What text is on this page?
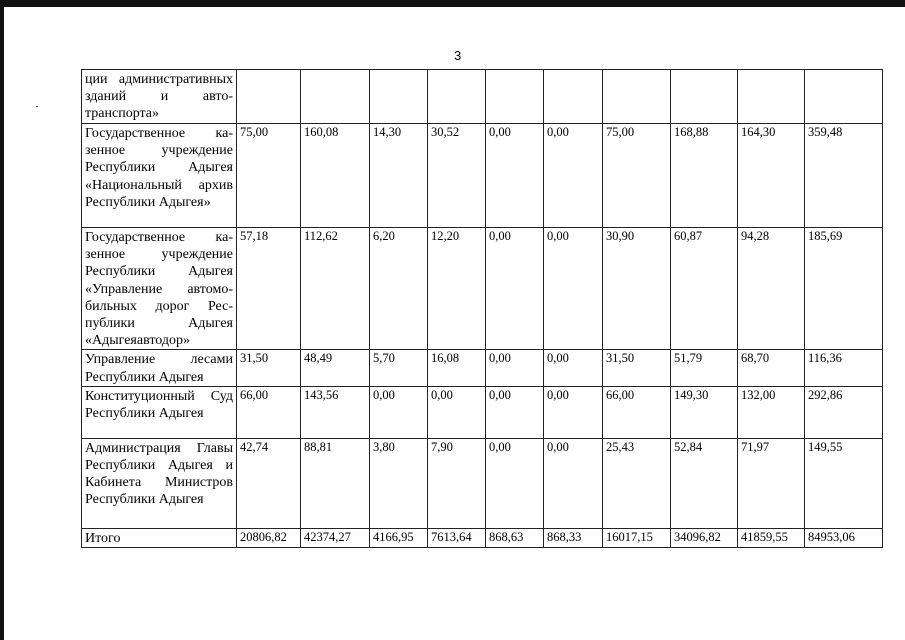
3
ции административных зданий и автотранспорта»										
Государственное казенное учреждение Республики Адыгея «Национальный архив Республики Адыгея»	75,00	160,08	14,30	30,52	0,00	0,00	75,00	168,88	164,30	359,48
Государственное казенное учреждение Республики Адыгея «Управление автомобильных дорог Республики Адыгея «Адыгеяавтодор»	57,18	112,62	6,20	12,20	0,00	0,00	30,90	60,87	94,28	185,69
Управление лесами Республики Адыгея	31,50	48,49	5,70	16,08	0,00	0,00	31,50	51,79	68,70	116,36
Конституционный Суд Республики Адыгея	66,00	143,56	0,00	0,00	0,00	0,00	66,00	149,30	132,00	292,86
Администрация Главы Республики Адыгея и Кабинета Министров Республики Адыгея	42,74	88,81	3,80	7,90	0,00	0,00	25,43	52,84	71,97	149,55
Итого	20806,82	42374,27	4166,95	7613,64	868,63	868,33	16017,15	34096,82	41859,55	84953,06
